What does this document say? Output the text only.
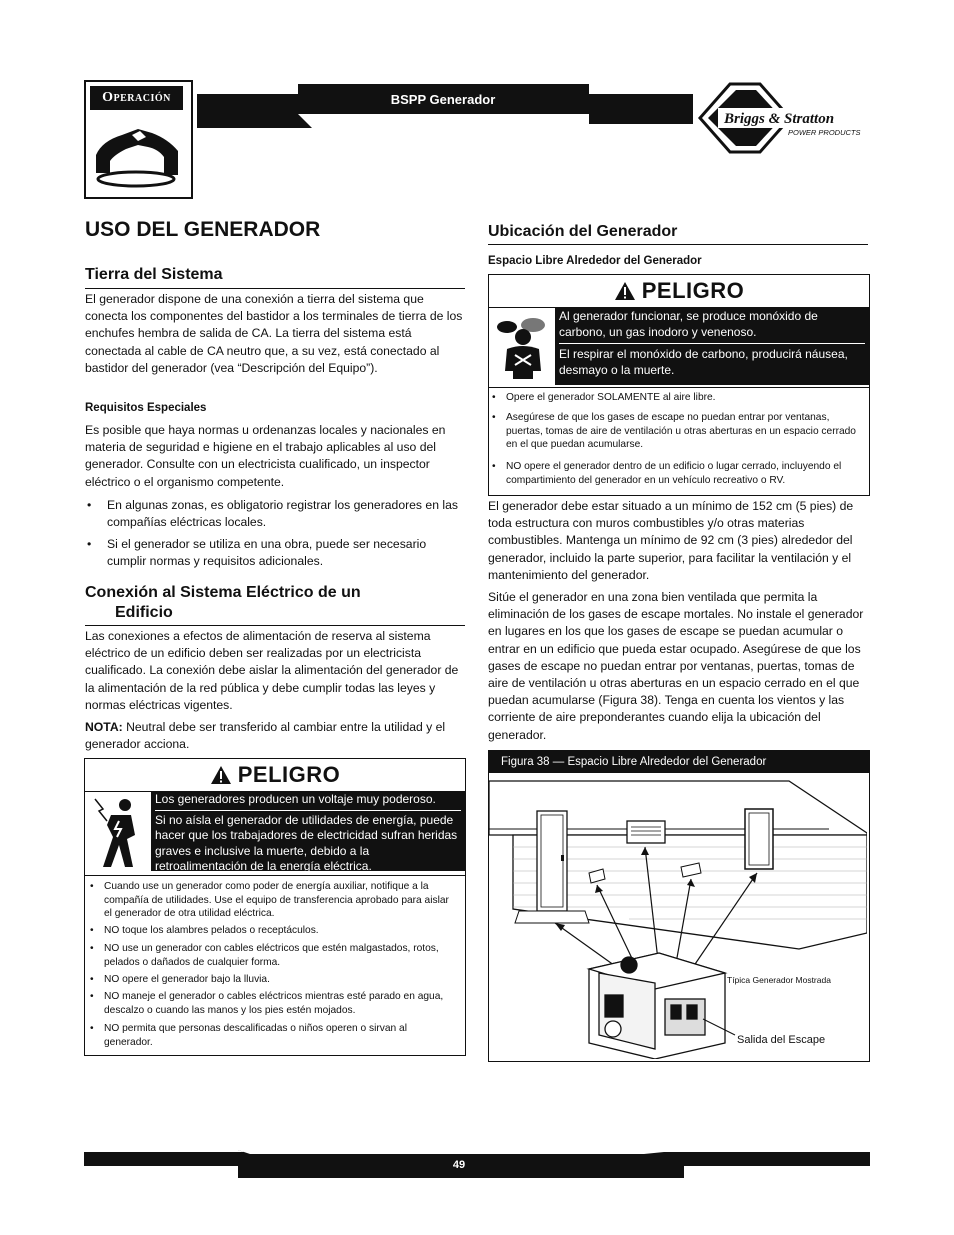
Operación	BSPP Generador
Briggs & Stratton
POWER PRODUCTS
USO DEL GENERADOR
Tierra del Sistema

El generador dispone de una conexión a tierra del sistema que conecta los componentes del bastidor a los terminales de tierra de los enchufes hembra de salida de CA. La tierra del sistema está conectada al cable de CA neutro que, a su vez, está conectado al bastidor del generador (vea “Descripción del Equipo”).

Requisitos Especiales

Es posible que haya normas u ordenanzas locales y nacionales en materia de seguridad e higiene en el trabajo aplicables al uso del generador. Consulte con un electricista cualificado, un inspector eléctrico o el organismo competente.

• En algunas zonas, es obligatorio registrar los generadores en las compañías eléctricas locales.

• Si el generador se utiliza en una obra, puede ser necesario cumplir normas y requisitos adicionales.

Conexión al Sistema Eléctrico de un
Edificio

Las conexiones a efectos de alimentación de reserva al sistema eléctrico de un edificio deben ser realizadas por un electricista cualificado. La conexión debe aislar la alimentación del generador de la alimentación de la red pública y debe cumplir todas las leyes y normas eléctricas vigentes.

NOTA: Neutral debe ser transferido al cambiar entre la utilidad y el generador acciona.

PELIGRO

Los generadores producen un voltaje muy poderoso.

Si no aísla el generador de utilidades de energía, puede hacer que los trabajadores de electricidad sufran heridas graves e inclusive la muerte, debido a la retroalimentación de la energía eléctrica.

• Cuando use un generador como poder de energía auxiliar, notifique a la compañía de utilidades. Use el equipo de transferencia aprobado para aislar el generador de otra utilidad eléctrica.

• NO toque los alambres pelados o receptáculos.

• NO use un generador con cables eléctricos que estén malgastados, rotos, pelados o dañados de cualquier forma.

• NO opere el generador bajo la lluvia.

• NO maneje el generador o cables eléctricos mientras esté parado en agua, descalzo o cuando las manos y los pies estén mojados.

• NO permita que personas descalificadas o niños operen o sirvan al generador.

Ubicación del Generador

Espacio Libre Alrededor del Generador

PELIGRO

Al generador funcionar, se produce monóxido de carbono, un gas inodoro y venenoso.

El respirar el monóxido de carbono, producirá náusea, desmayo o la muerte.

• Opere el generador SOLAMENTE al aire libre.

• Asegúrese de que los gases de escape no puedan entrar por ventanas, puertas, tomas de aire de ventilación u otras aberturas en un espacio cerrado en el que puedan acumularse.

• NO opere el generador dentro de un edificio o lugar cerrado, incluyendo el compartimiento del generador en un vehículo recreativo o RV.

El generador debe estar situado a un mínimo de 152 cm (5 pies) de toda estructura con muros combustibles y/o otras materias combustibles. Mantenga un mínimo de 92 cm (3 pies) alrededor del generador, incluido la parte superior, para facilitar la ventilación y el mantenimiento del generador.

Sitúe el generador en una zona bien ventilada que permita la eliminación de los gases de escape mortales. No instale el generador en lugares en los que los gases de escape se puedan acumular o entrar en un edificio que pueda estar ocupado. Asegúrese de que los gases de escape no puedan entrar por ventanas, puertas, tomas de aire de ventilación u otras aberturas en un espacio cerrado en el que puedan acumularse (Figura 38). Tenga en cuenta los vientos y las corriente de aire preponderantes cuando elija la ubicación del generador.

Figura 38 — Espacio Libre Alrededor del Generador
Típica Generador Mostrada
Salida del Escape
49
